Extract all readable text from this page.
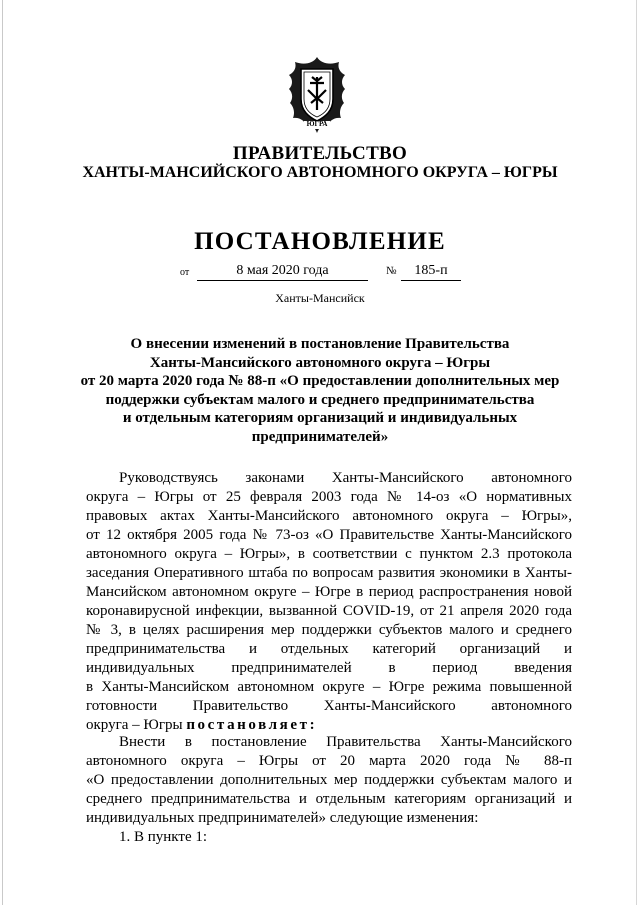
ЮГРА
ПРАВИТЕЛЬСТВО
ХАНТЫ-МАНСИЙСКОГО АВТОНОМНОГО ОКРУГА – ЮГРЫ
ПОСТАНОВЛЕНИЕ
от	8 мая 2020 года	№	185-п
Ханты-Мансийск
О внесении изменений в постановление Правительства
Ханты-Мансийского автономного округа – Югры
от 20 марта 2020 года № 88-п «О предоставлении дополнительных мер
поддержки субъектам малого и среднего предпринимательства
и отдельным категориям организаций и индивидуальных
предпринимателей»
Руководствуясь законами Ханты-Мансийского автономного
округа – Югры от 25 февраля 2003 года № 14-оз «О нормативных
правовых актах Ханты-Мансийского автономного округа – Югры»,
от 12 октября 2005 года № 73-оз «О Правительстве Ханты-Мансийского
автономного округа – Югры», в соответствии с пунктом 2.3 протокола
заседания Оперативного штаба по вопросам развития экономики в Ханты-
Мансийском автономном округе – Югре в период распространения новой
коронавирусной инфекции, вызванной COVID-19, от 21 апреля 2020 года
№ 3, в целях расширения мер поддержки субъектов малого и среднего
предпринимательства и отдельных категорий организаций и
индивидуальных предпринимателей в период введения
в Ханты-Мансийском автономном округе – Югре режима повышенной
готовности Правительство Ханты-Мансийского автономного
округа – Югры постановляет:
Внести в постановление Правительства Ханты-Мансийского
автономного округа – Югры от 20 марта 2020 года № 88-п
«О предоставлении дополнительных мер поддержки субъектам малого и
среднего предпринимательства и отдельным категориям организаций и
индивидуальных предпринимателей» следующие изменения:
1. В пункте 1:
